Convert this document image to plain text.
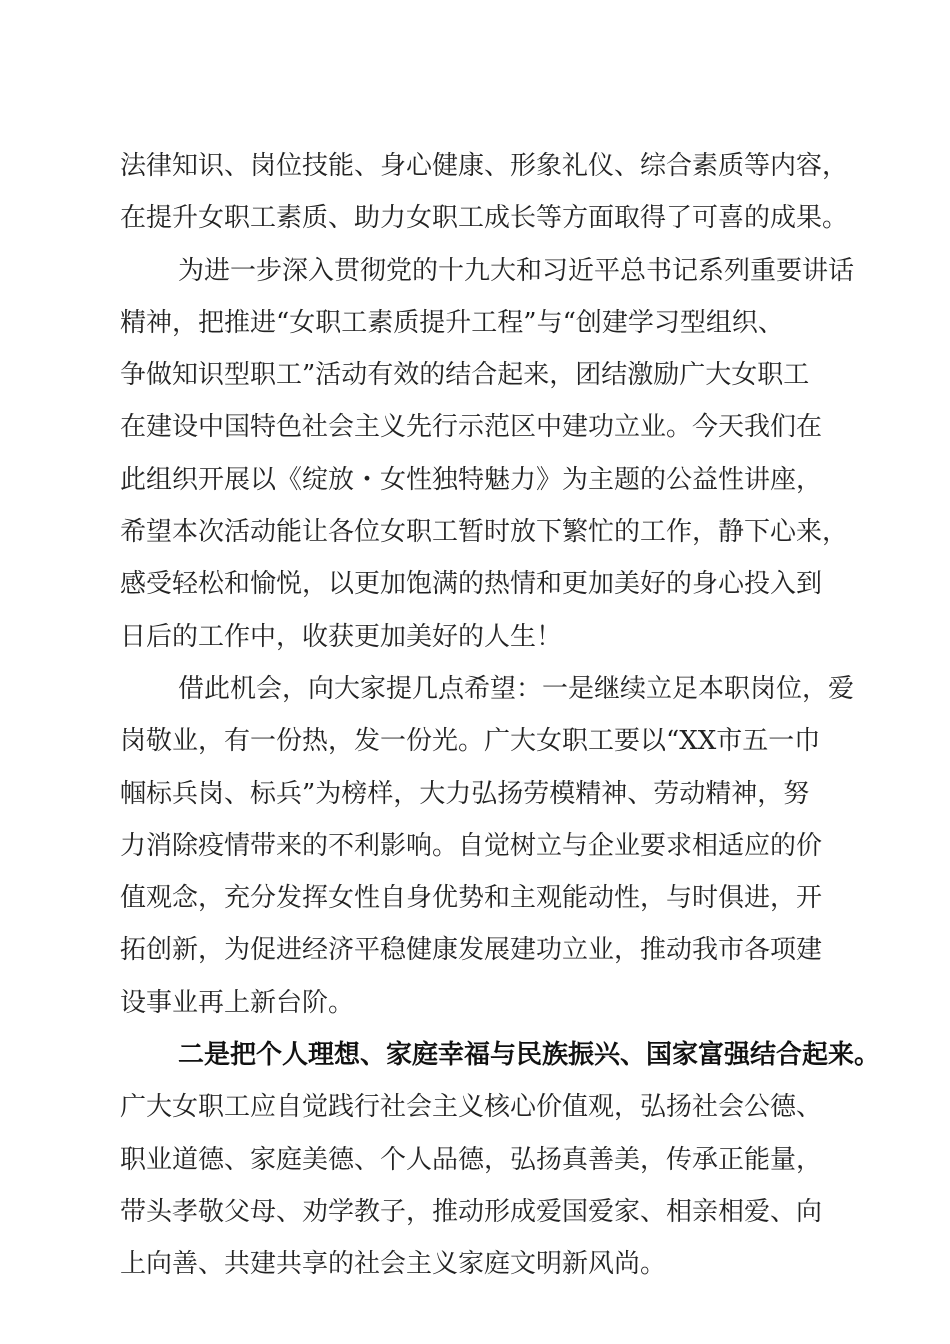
法律知识、岗位技能、身心健康、形象礼仪、综合素质等内容，
在提升女职工素质、助力女职工成长等方面取得了可喜的成果。
为进一步深入贯彻党的十九大和习近平总书记系列重要讲话
精神，把推进“女职工素质提升工程”与“创建学习型组织、
争做知识型职工”活动有效的结合起来，团结激励广大女职工
在建设中国特色社会主义先行示范区中建功立业。今天我们在
此组织开展以《绽放・女性独特魅力》为主题的公益性讲座，
希望本次活动能让各位女职工暂时放下繁忙的工作，静下心来，
感受轻松和愉悦，以更加饱满的热情和更加美好的身心投入到
日后的工作中，收获更加美好的人生！
借此机会，向大家提几点希望：一是继续立足本职岗位，爱
岗敬业，有一份热，发一份光。广大女职工要以“XX市五一巾
帼标兵岗、标兵”为榜样，大力弘扬劳模精神、劳动精神，努
力消除疫情带来的不利影响。自觉树立与企业要求相适应的价
值观念，充分发挥女性自身优势和主观能动性，与时俱进，开
拓创新，为促进经济平稳健康发展建功立业，推动我市各项建
设事业再上新台阶。
二是把个人理想、家庭幸福与民族振兴、国家富强结合起来。
广大女职工应自觉践行社会主义核心价值观，弘扬社会公德、
职业道德、家庭美德、个人品德，弘扬真善美，传承正能量，
带头孝敬父母、劝学教子，推动形成爱国爱家、相亲相爱、向
上向善、共建共享的社会主义家庭文明新风尚。
